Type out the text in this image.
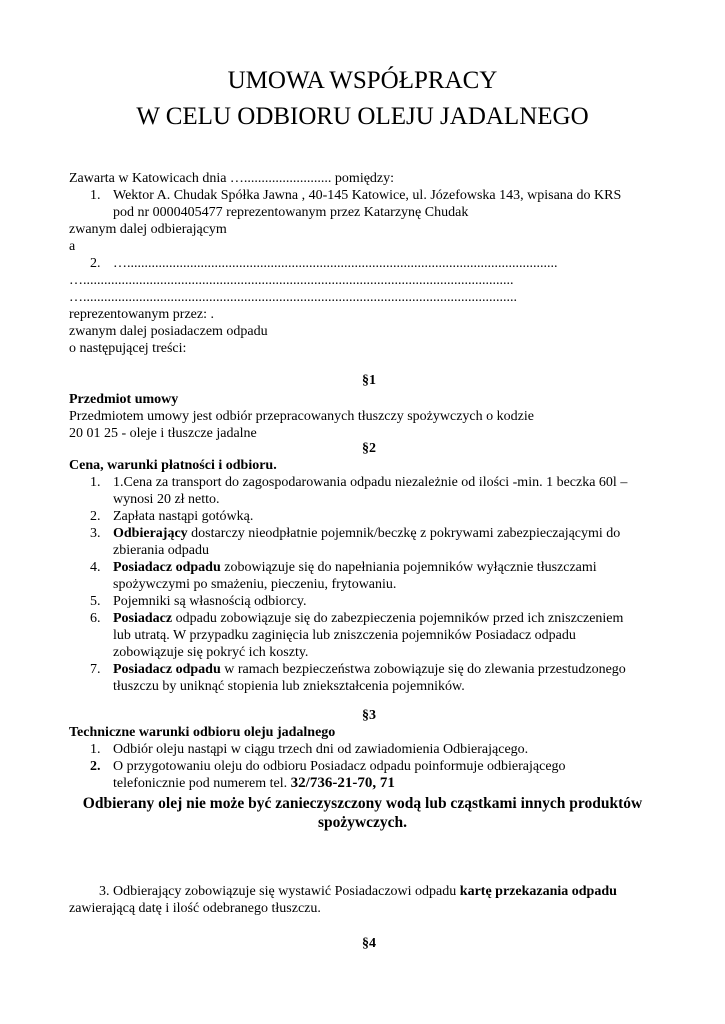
UMOWA WSPÓŁPRACY
W CELU ODBIORU OLEJU JADALNEGO
Zawarta w Katowicach dnia …......................... pomiędzy:
1. Wektor A. Chudak Spółka Jawna , 40-145 Katowice, ul. Józefowska 143, wpisana do KRS
pod nr 0000405477 reprezentowanym przez Katarzynę Chudak
zwanym dalej odbierającym
a
2. …...........................................................................................................................
…...........................................................................................................................
…............................................................................................................................
reprezentowanym przez: .
zwanym dalej posiadaczem odpadu
o następującej treści:
§1
Przedmiot umowy
Przedmiotem umowy jest odbiór przepracowanych tłuszczy spożywczych o kodzie
20 01 25 - oleje i tłuszcze jadalne
§2
Cena, warunki płatności i odbioru.
1. 1.Cena za transport do zagospodarowania odpadu niezależnie od ilości -min. 1 beczka 60l –
wynosi 20 zł netto.
2. Zapłata nastąpi gotówką.
3. Odbierający dostarczy nieodpłatnie pojemnik/beczkę z pokrywami zabezpieczającymi do
zbierania odpadu
4. Posiadacz odpadu zobowiązuje się do napełniania pojemników wyłącznie tłuszczami
spożywczymi po smażeniu, pieczeniu, frytowaniu.
5. Pojemniki są własnością odbiorcy.
6. Posiadacz odpadu zobowiązuje się do zabezpieczenia pojemników przed ich zniszczeniem
lub utratą. W przypadku zaginięcia lub zniszczenia pojemników Posiadacz odpadu
zobowiązuje się pokryć ich koszty.
7. Posiadacz odpadu w ramach bezpieczeństwa zobowiązuje się do zlewania przestudzonego
tłuszczu by uniknąć stopienia lub zniekształcenia pojemników.
§3
Techniczne warunki odbioru oleju jadalnego
1. Odbiór oleju nastąpi w ciągu trzech dni od zawiadomienia Odbierającego.
2. O przygotowaniu oleju do odbioru Posiadacz odpadu poinformuje odbierającego
telefonicznie pod numerem tel. 32/736-21-70, 71
Odbierany olej nie może być zanieczyszczony wodą lub cząstkami innych produktów
spożywczych.
3. Odbierający zobowiązuje się wystawić Posiadaczowi odpadu kartę przekazania odpadu
zawierającą datę i ilość odebranego tłuszczu.
§4
